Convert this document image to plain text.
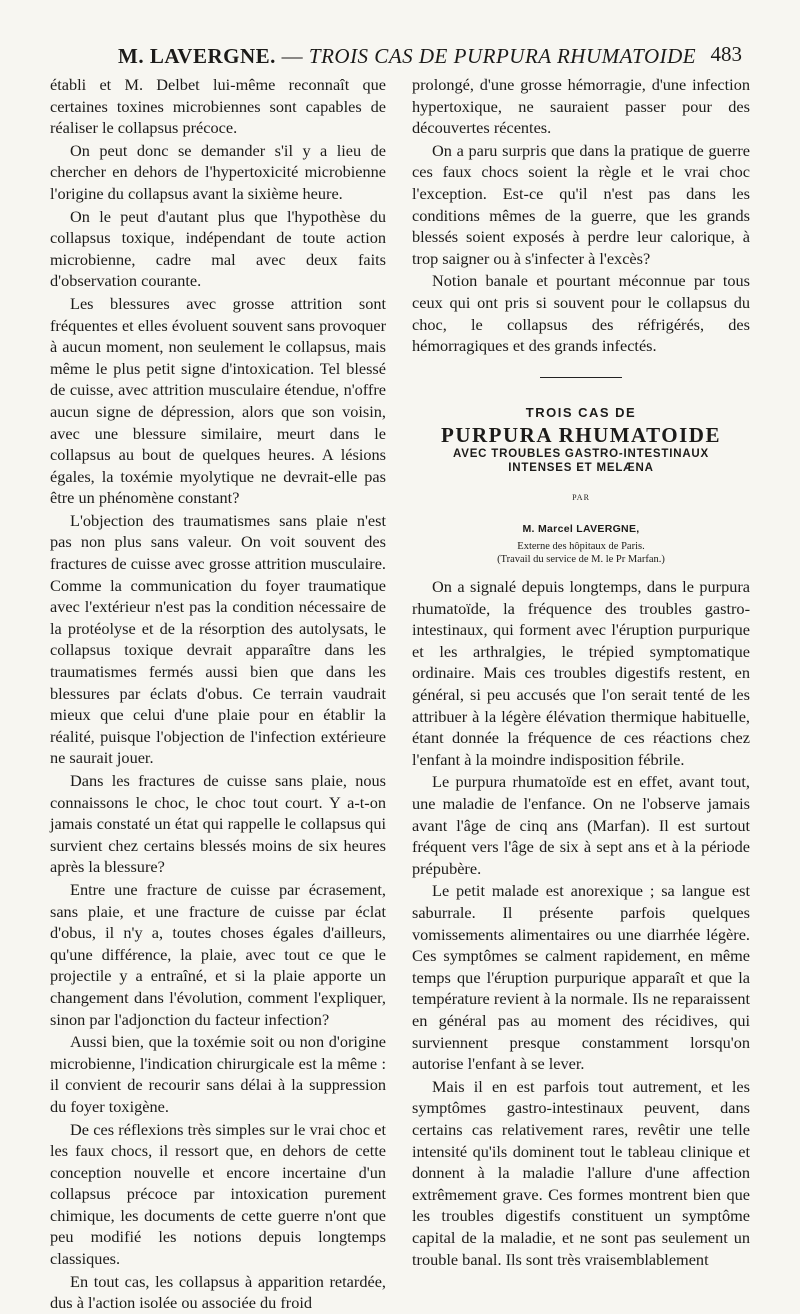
M. LAVERGNE. — TROIS CAS DE PURPURA RHUMATOIDE 483

établi et M. Delbet lui-même reconnaît que certaines toxines microbiennes sont capables de réaliser le collapsus précoce.

On peut donc se demander s'il y a lieu de chercher en dehors de l'hypertoxicité microbienne l'origine du collapsus avant la sixième heure.

On le peut d'autant plus que l'hypothèse du collapsus toxique, indépendant de toute action microbienne, cadre mal avec deux faits d'observation courante.

Les blessures avec grosse attrition sont fréquentes et elles évoluent souvent sans provoquer à aucun moment, non seulement le collapsus, mais même le plus petit signe d'intoxication. Tel blessé de cuisse, avec attrition musculaire étendue, n'offre aucun signe de dépression, alors que son voisin, avec une blessure similaire, meurt dans le collapsus au bout de quelques heures. A lésions égales, la toxémie myolytique ne devrait-elle pas être un phénomène constant?

L'objection des traumatismes sans plaie n'est pas non plus sans valeur. On voit souvent des fractures de cuisse avec grosse attrition musculaire. Comme la communication du foyer traumatique avec l'extérieur n'est pas la condition nécessaire de la protéolyse et de la résorption des autolysats, le collapsus toxique devrait apparaître dans les traumatismes fermés aussi bien que dans les blessures par éclats d'obus. Ce terrain vaudrait mieux que celui d'une plaie pour en établir la réalité, puisque l'objection de l'infection extérieure ne saurait jouer.

Dans les fractures de cuisse sans plaie, nous connaissons le choc, le choc tout court. Y a-t-on jamais constaté un état qui rappelle le collapsus qui survient chez certains blessés moins de six heures après la blessure?

Entre une fracture de cuisse par écrasement, sans plaie, et une fracture de cuisse par éclat d'obus, il n'y a, toutes choses égales d'ailleurs, qu'une différence, la plaie, avec tout ce que le projectile y a entraîné, et si la plaie apporte un changement dans l'évolution, comment l'expliquer, sinon par l'adjonction du facteur infection?

Aussi bien, que la toxémie soit ou non d'origine microbienne, l'indication chirurgicale est la même : il convient de recourir sans délai à la suppression du foyer toxigène.

De ces réflexions très simples sur le vrai choc et les faux chocs, il ressort que, en dehors de cette conception nouvelle et encore incertaine d'un collapsus précoce par intoxication purement chimique, les documents de cette guerre n'ont que peu modifié les notions depuis longtemps classiques.

En tout cas, les collapsus à apparition retardée, dus à l'action isolée ou associée du froid

prolongé, d'une grosse hémorragie, d'une infection hypertoxique, ne sauraient passer pour des découvertes récentes.

On a paru surpris que dans la pratique de guerre ces faux chocs soient la règle et le vrai choc l'exception. Est-ce qu'il n'est pas dans les conditions mêmes de la guerre, que les grands blessés soient exposés à perdre leur calorique, à trop saigner ou à s'infecter à l'excès?

Notion banale et pourtant méconnue par tous ceux qui ont pris si souvent pour le collapsus du choc, le collapsus des réfrigérés, des hémorragiques et des grands infectés.

TROIS CAS DE
PURPURA RHUMATOIDE
AVEC TROUBLES GASTRO-INTESTINAUX
INTENSES ET MELÆNA
PAR
M. Marcel LAVERGNE,
Externe des hôpitaux de Paris.
(Travail du service de M. le Pr Marfan.)

On a signalé depuis longtemps, dans le purpura rhumatoïde, la fréquence des troubles gastro-intestinaux, qui forment avec l'éruption purpurique et les arthralgies, le trépied symptomatique ordinaire. Mais ces troubles digestifs restent, en général, si peu accusés que l'on serait tenté de les attribuer à la légère élévation thermique habituelle, étant donnée la fréquence de ces réactions chez l'enfant à la moindre indisposition fébrile.

Le purpura rhumatoïde est en effet, avant tout, une maladie de l'enfance. On ne l'observe jamais avant l'âge de cinq ans (Marfan). Il est surtout fréquent vers l'âge de six à sept ans et à la période prépubère.

Le petit malade est anorexique ; sa langue est saburrale. Il présente parfois quelques vomissements alimentaires ou une diarrhée légère. Ces symptômes se calment rapidement, en même temps que l'éruption purpurique apparaît et que la température revient à la normale. Ils ne reparaissent en général pas au moment des récidives, qui surviennent presque constamment lorsqu'on autorise l'enfant à se lever.

Mais il en est parfois tout autrement, et les symptômes gastro-intestinaux peuvent, dans certains cas relativement rares, revêtir une telle intensité qu'ils dominent tout le tableau clinique et donnent à la maladie l'allure d'une affection extrêmement grave. Ces formes montrent bien que les troubles digestifs constituent un symptôme capital de la maladie, et ne sont pas seulement un trouble banal. Ils sont très vraisemblablement
